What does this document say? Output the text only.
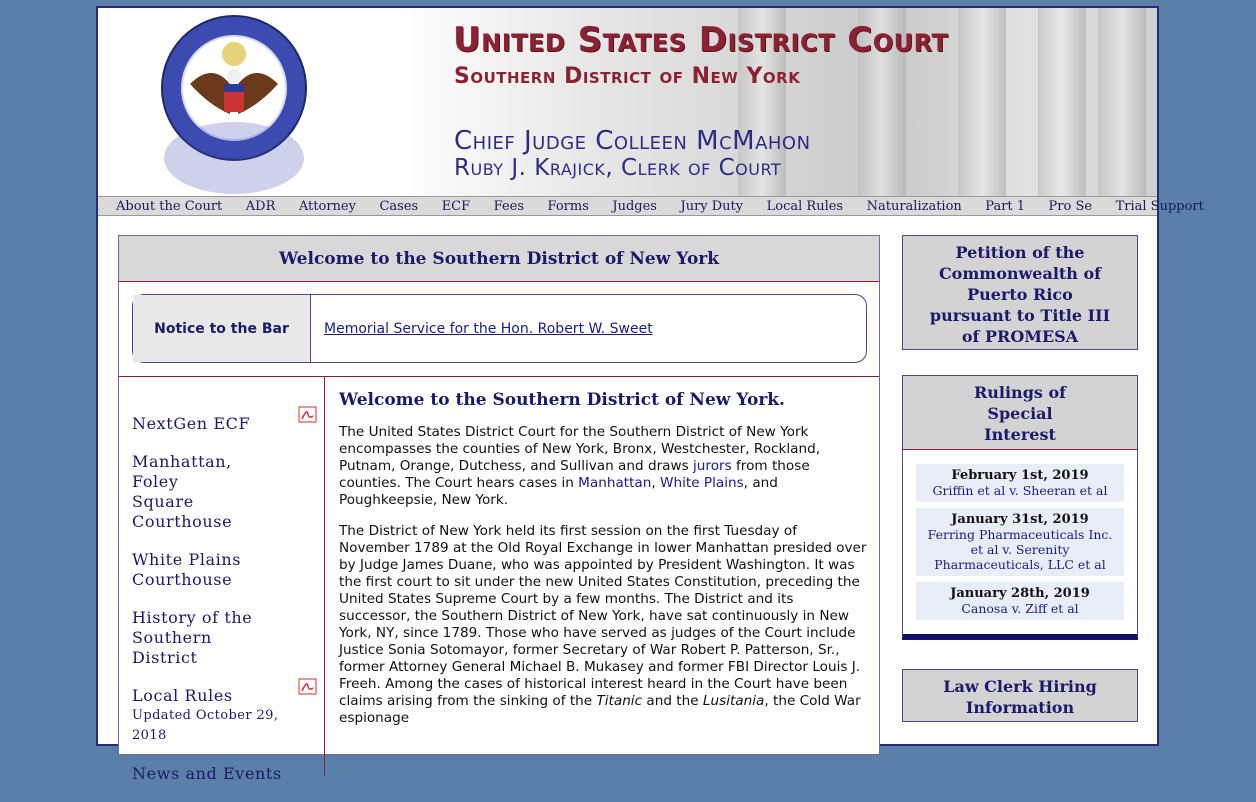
United States District Court
Southern District of New York
Chief Judge Colleen McMahon
Ruby J. Krajick, Clerk of Court
About the Court ADR Attorney Cases ECF Fees Forms Judges Jury Duty Local Rules Naturalization Part 1 Pro Se Trial Support
Welcome to the Southern District of New York
Notice to the Bar	Memorial Service for the Hon. Robert W. Sweet
NextGen ECF
Manhattan, Foley Square Courthouse
White Plains Courthouse
History of the Southern District
Local Rules
Updated October 29, 2018
News and Events
Welcome to the Southern District of New York.

The United States District Court for the Southern District of New York encompasses the counties of New York, Bronx, Westchester, Rockland, Putnam, Orange, Dutchess, and Sullivan and draws jurors from those counties. The Court hears cases in Manhattan, White Plains, and Poughkeepsie, New York.

The District of New York held its first session on the first Tuesday of November 1789 at the Old Royal Exchange in lower Manhattan presided over by Judge James Duane, who was appointed by President Washington. It was the first court to sit under the new United States Constitution, preceding the United States Supreme Court by a few months. The District and its successor, the Southern District of New York, have sat continuously in New York, NY, since 1789. Those who have served as judges of the Court include Justice Sonia Sotomayor, former Secretary of War Robert P. Patterson, Sr., former Attorney General Michael B. Mukasey and former FBI Director Louis J. Freeh. Among the cases of historical interest heard in the Court have been claims arising from the sinking of the Titanic and the Lusitania, the Cold War espionage

Petition of the Commonwealth of Puerto Rico pursuant to Title III of PROMESA
Rulings of Special Interest
February 1st, 2019
Griffin et al v. Sheeran et al
January 31st, 2019
Ferring Pharmaceuticals Inc. et al v. Serenity Pharmaceuticals, LLC et al
January 28th, 2019
Canosa v. Ziff et al
Law Clerk Hiring Information
